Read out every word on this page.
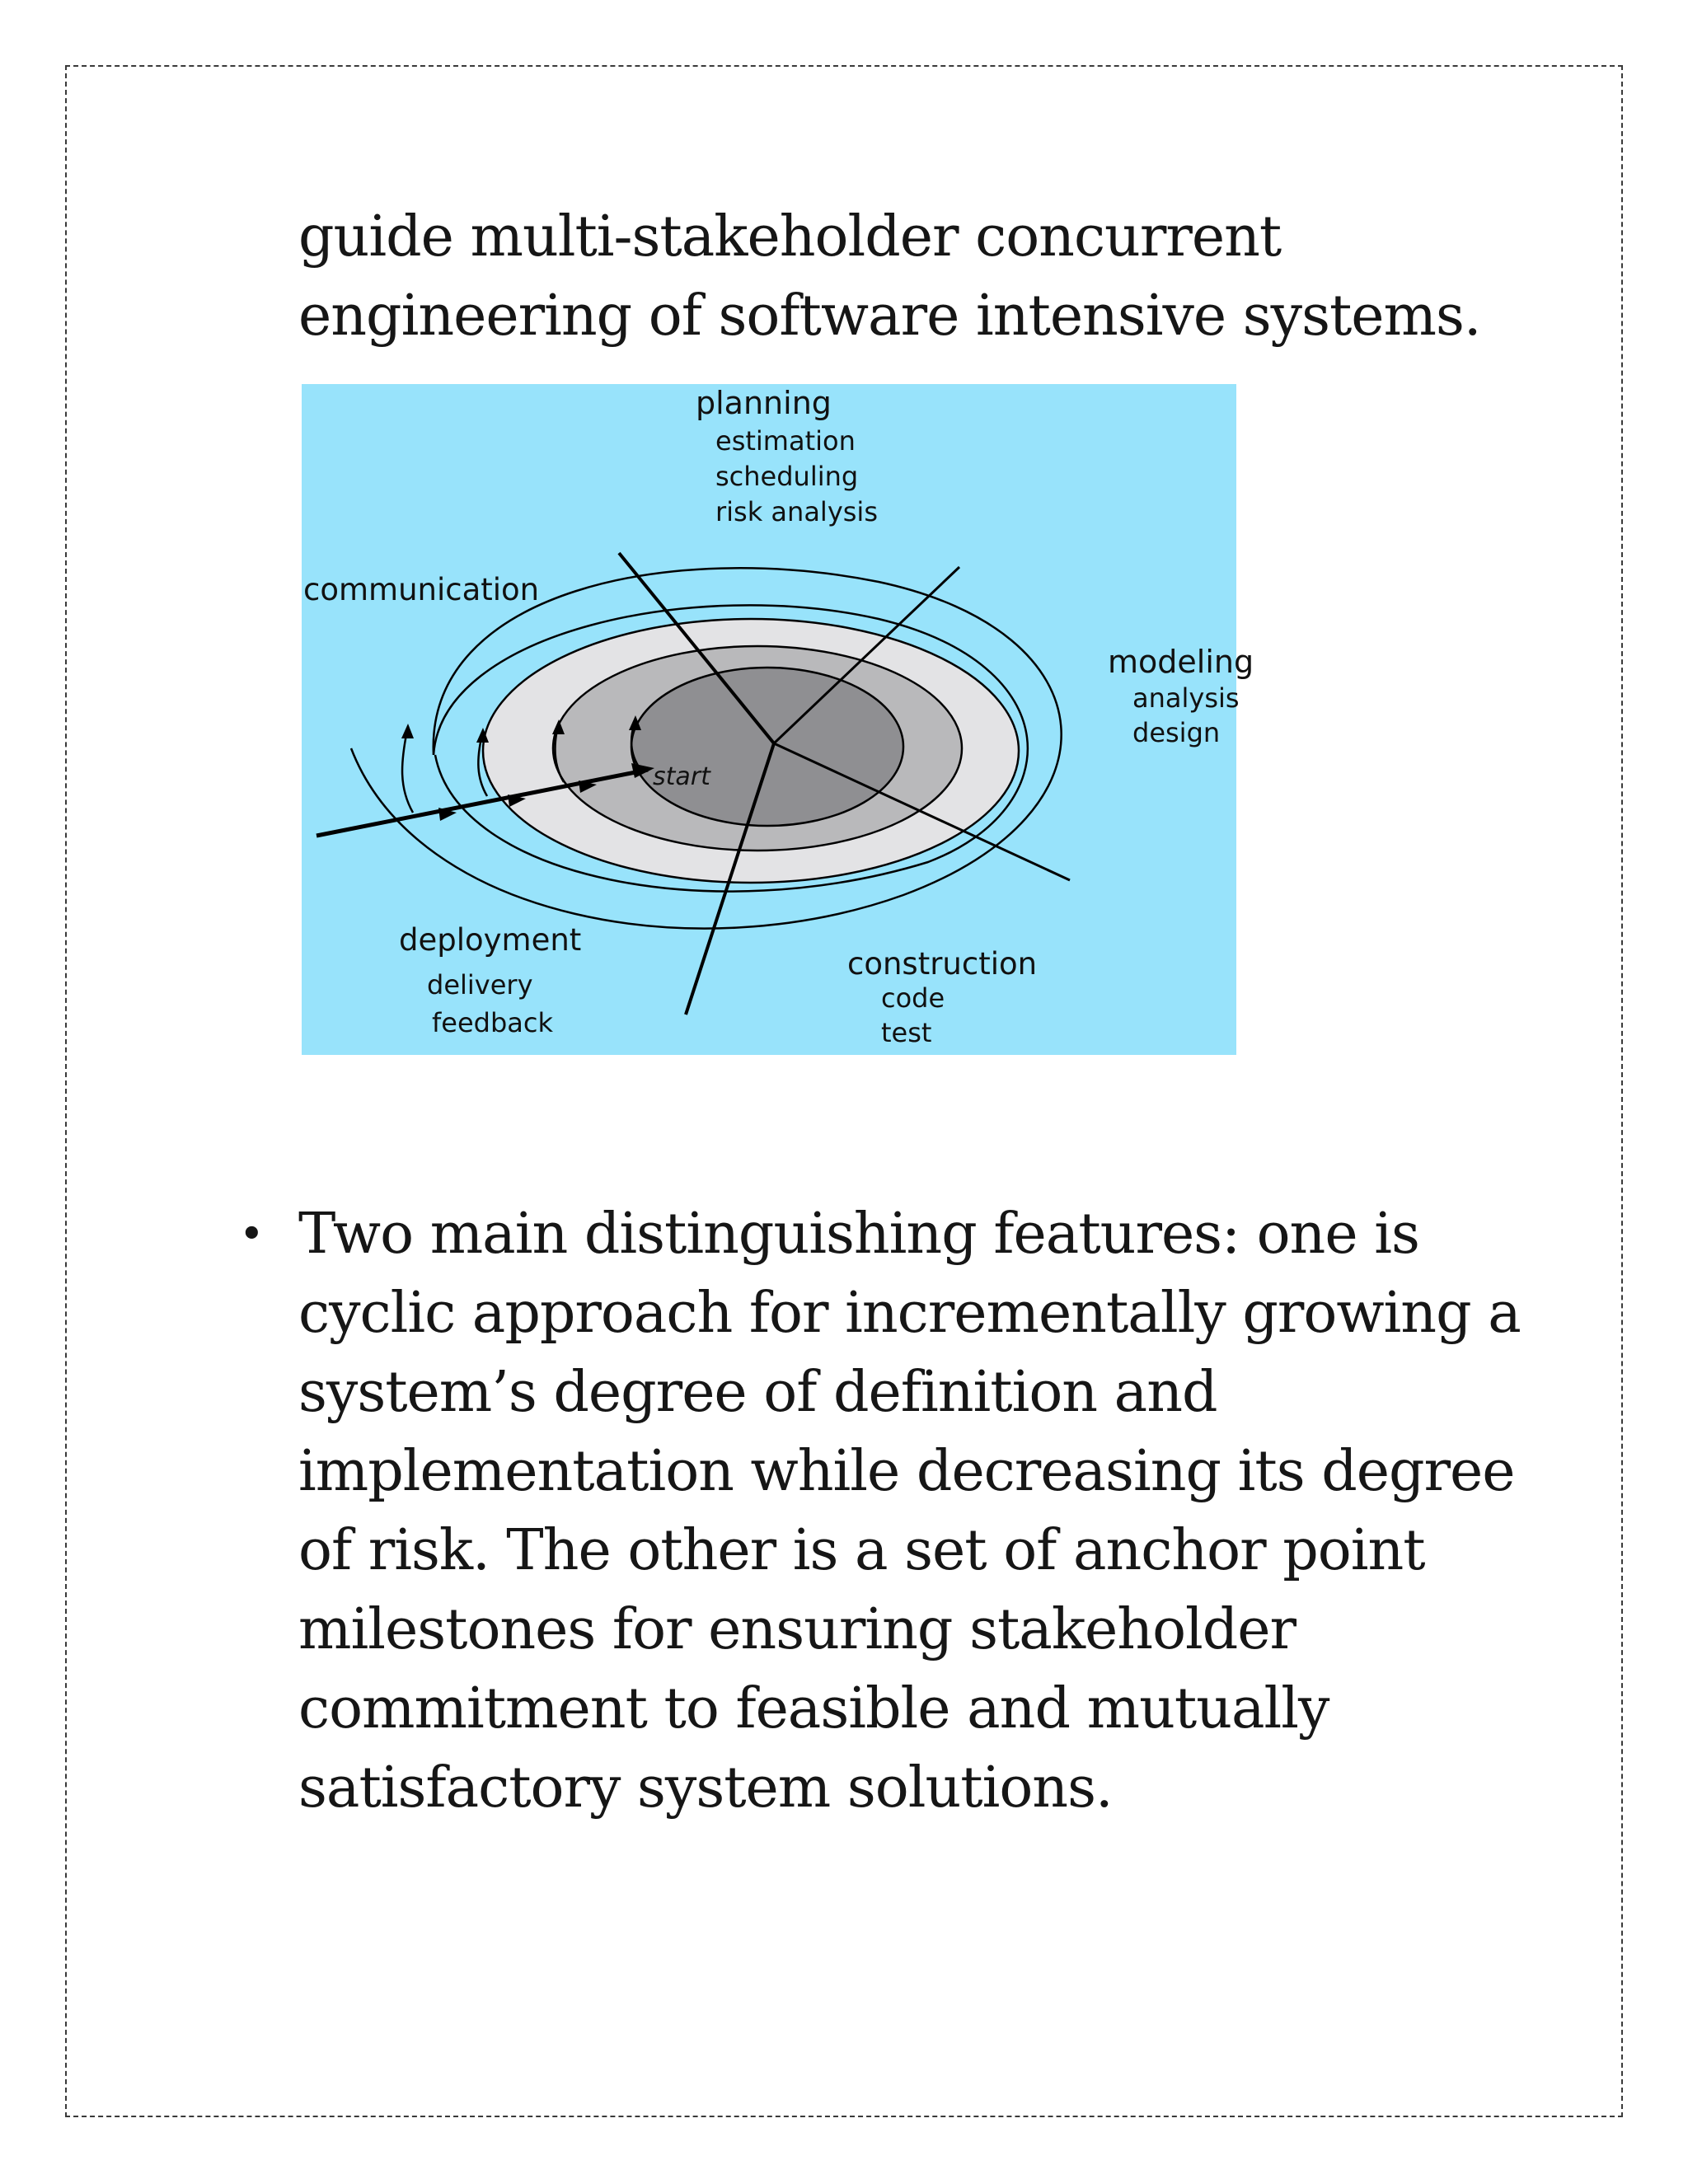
guide multi-stakeholder concurrent
engineering of software intensive systems.

planning
estimation
scheduling
risk analysis
communication
modeling
analysis
design
start
deployment
delivery
feedback
construction
code
test
• Two main distinguishing features: one is
cyclic approach for incrementally growing a
system’s degree of definition and
implementation while decreasing its degree
of risk. The other is a set of anchor point
milestones for ensuring stakeholder
commitment to feasible and mutually
satisfactory system solutions.
